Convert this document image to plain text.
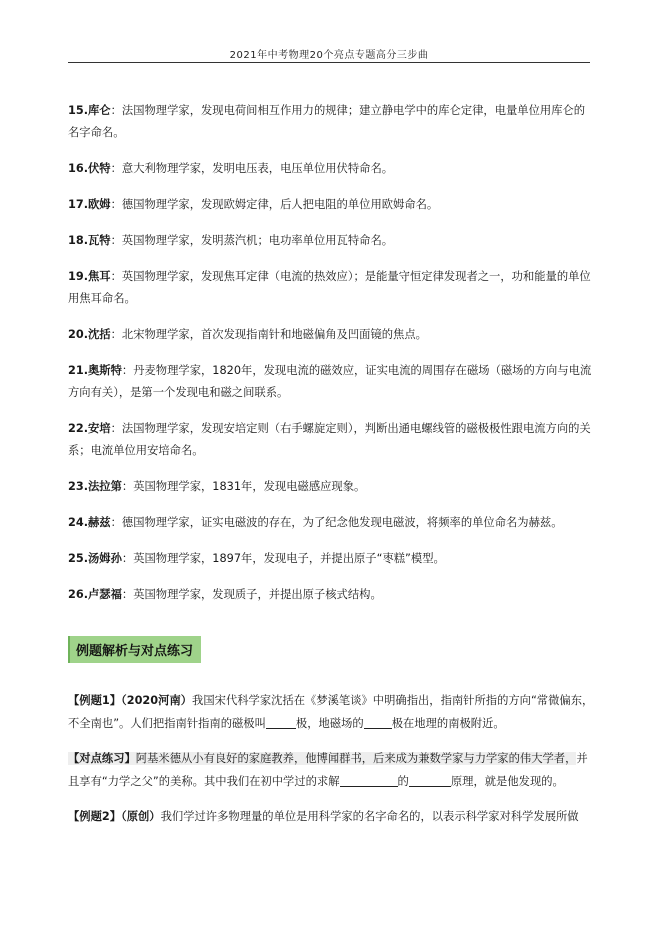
2021年中考物理20个亮点专题高分三步曲
15.库仑：法国物理学家，发现电荷间相互作用力的规律；建立静电学中的库仑定律，电量单位用库仑的名字命名。
16.伏特：意大利物理学家，发明电压表，电压单位用伏特命名。
17.欧姆：德国物理学家，发现欧姆定律，后人把电阻的单位用欧姆命名。
18.瓦特：英国物理学家，发明蒸汽机；电功率单位用瓦特命名。
19.焦耳：英国物理学家，发现焦耳定律（电流的热效应）；是能量守恒定律发现者之一，功和能量的单位用焦耳命名。
20.沈括：北宋物理学家，首次发现指南针和地磁偏角及凹面镜的焦点。
21.奥斯特：丹麦物理学家，1820年，发现电流的磁效应，证实电流的周围存在磁场（磁场的方向与电流方向有关），是第一个发现电和磁之间联系。
22.安培：法国物理学家，发现安培定则（右手螺旋定则），判断出通电螺线管的磁极极性跟电流方向的关系；电流单位用安培命名。
23.法拉第：英国物理学家，1831年，发现电磁感应现象。
24.赫兹：德国物理学家，证实电磁波的存在，为了纪念他发现电磁波，将频率的单位命名为赫兹。
25.汤姆孙：英国物理学家，1897年，发现电子，并提出原子“枣糕”模型。
26.卢瑟福：英国物理学家，发现质子，并提出原子核式结构。
例题解析与对点练习
【例题1】（2020河南）我国宋代科学家沈括在《梦溪笔谈》中明确指出，指南针所指的方向“常微偏东，不全南也”。人们把指南针指南的磁极叫	极，地磁场的 极在地理的南极附近。
【对点练习】阿基米德从小有良好的家庭教养，他博闻群书，后来成为兼数学家与力学家的伟大学者，并且享有“力学之父”的美称。其中我们在初中学过的求解	的	原理，就是他发现的。
【例题2】（原创）我们学过许多物理量的单位是用科学家的名字命名的，以表示科学家对科学发展所做
